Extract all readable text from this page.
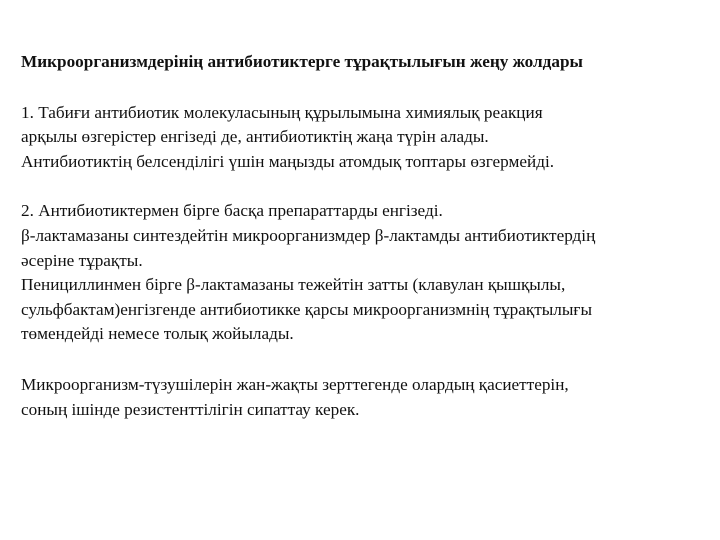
Микроорганизмдерінің антибиотиктерге тұрақтылығын жеңу жолдары

1. Табиғи антибиотик молекуласының құрылымына химиялық реакция
арқылы өзгерістер енгізеді де, антибиотиктің жаңа түрін алады.
Антибиотиктің белсенділігі үшін маңызды атомдық топтары өзгермейді.

2. Антибиотиктермен бірге басқа препараттарды енгізеді.
β-лактамазаны синтездейтін микроорганизмдер β-лактамды антибиотиктердің
әсеріне тұрақты.
Пенициллинмен бірге β-лактамазаны тежейтін затты (клавулан қышқылы,
сульфбактам)енгізгенде антибиотикке қарсы микроорганизмнің тұрақтылығы
төмендейді немесе толық жойылады.

Микроорганизм-түзушілерін жан-жақты зерттегенде олардың қасиеттерін,
соның ішінде резистенттілігін сипаттау керек.
